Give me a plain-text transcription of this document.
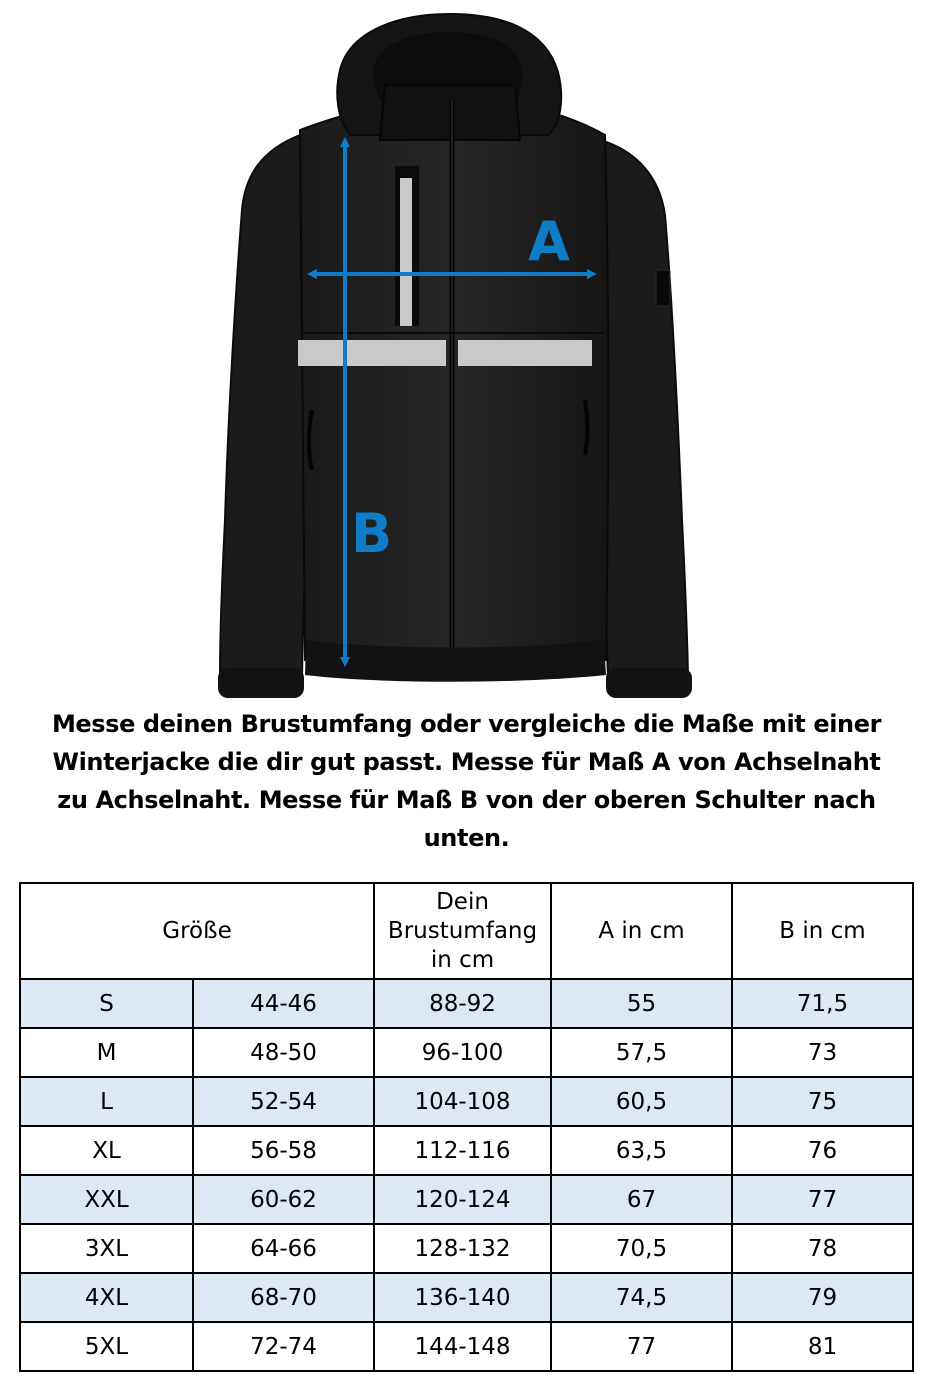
A
B
Messe deinen Brustumfang oder vergleiche die Maße mit einer
Winterjacke die dir gut passt. Messe für Maß A von Achselnaht
zu Achselnaht. Messe für Maß B von der oberen Schulter nach
unten.
Größe		Dein
Brustumfang
in cm	A in cm	B in cm
S	44-46	88-92	55	71,5
M	48-50	96-100	57,5	73
L	52-54	104-108	60,5	75
XL	56-58	112-116	63,5	76
XXL	60-62	120-124	67	77
3XL	64-66	128-132	70,5	78
4XL	68-70	136-140	74,5	79
5XL	72-74	144-148	77	81
